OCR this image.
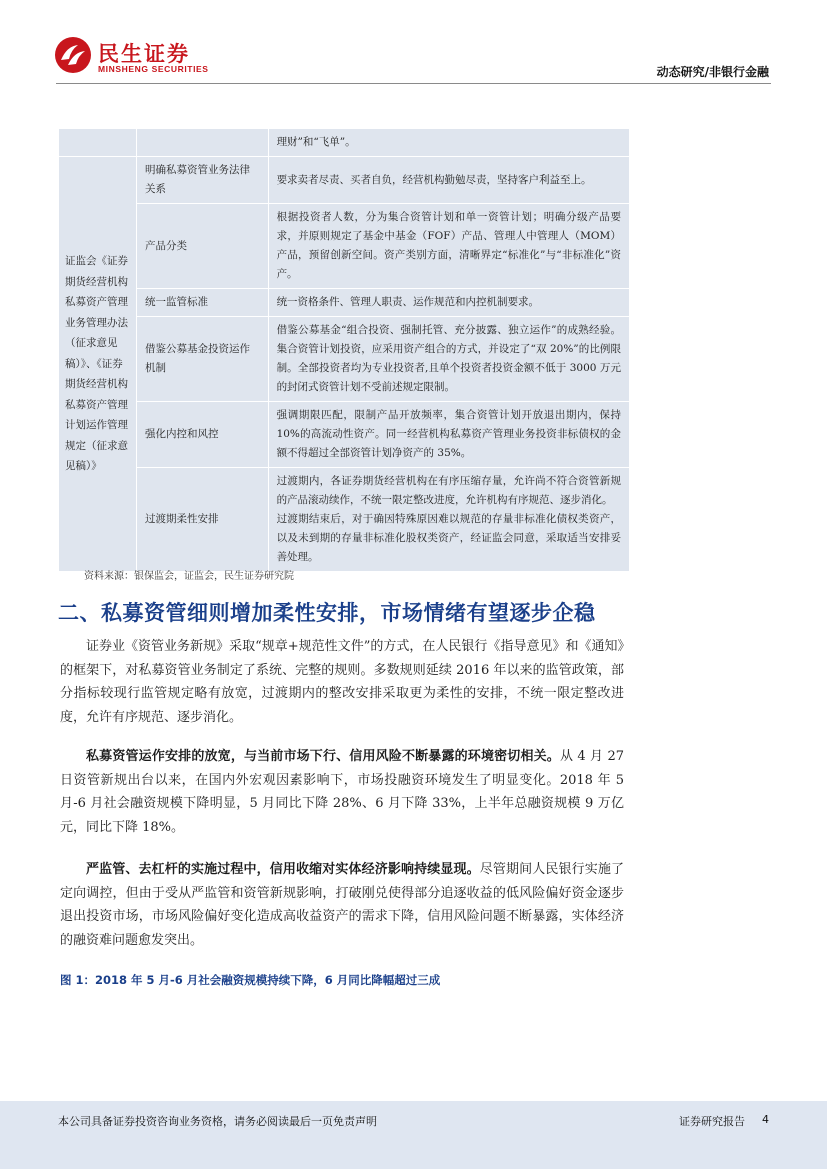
民生证券
MINSHENG SECURITIES	动态研究/非银行金融
		理财”和“飞单”。
证监会《证券期货经营机构私募资产管理业务管理办法（征求意见稿）》、《证券期货经营机构私募资产管理计划运作管理规定（征求意见稿）》	明确私募资管业务法律关系	要求卖者尽责、买者自负，经营机构勤勉尽责，坚持客户利益至上。
	产品分类	根据投资者人数，分为集合资管计划和单一资管计划；明确分级产品要求，并原则规定了基金中基金（FOF）产品、管理人中管理人（MOM）产品，预留创新空间。资产类别方面，清晰界定“标准化”与“非标准化”资产。
	统一监管标准	统一资格条件、管理人职责、运作规范和内控机制要求。
	借鉴公募基金投资运作机制	借鉴公募基金“组合投资、强制托管、充分披露、独立运作”的成熟经验。集合资管计划投资，应采用资产组合的方式，并设定了“双 20%”的比例限制。全部投资者均为专业投资者,且单个投资者投资金额不低于 3000 万元的封闭式资管计划不受前述规定限制。
	强化内控和风控	强调期限匹配，限制产品开放频率，集合资管计划开放退出期内，保持 10%的高流动性资产。同一经营机构私募资产管理业务投资非标债权的金额不得超过全部资管计划净资产的 35%。
	过渡期柔性安排	过渡期内，各证券期货经营机构在有序压缩存量，允许尚不符合资管新规的产品滚动续作，不统一限定整改进度，允许机构有序规范、逐步消化。
过渡期结束后，对于确因特殊原因难以规范的存量非标准化债权类资产，以及未到期的存量非标准化股权类资产，经证监会同意，采取适当安排妥善处理。
资料来源：银保监会，证监会，民生证券研究院
二、私募资管细则增加柔性安排，市场情绪有望逐步企稳

证券业《资管业务新规》采取“规章+规范性文件”的方式，在人民银行《指导意见》和《通知》的框架下，对私募资管业务制定了系统、完整的规则。多数规则延续 2016 年以来的监管政策，部分指标较现行监管规定略有放宽，过渡期内的整改安排采取更为柔性的安排，不统一限定整改进度，允许有序规范、逐步消化。

私募资管运作安排的放宽，与当前市场下行、信用风险不断暴露的环境密切相关。从 4 月 27 日资管新规出台以来，在国内外宏观因素影响下，市场投融资环境发生了明显变化。2018 年 5 月-6 月社会融资规模下降明显，5 月同比下降 28%、6 月下降 33%，上半年总融资规模 9 万亿元，同比下降 18%。

严监管、去杠杆的实施过程中，信用收缩对实体经济影响持续显现。尽管期间人民银行实施了定向调控，但由于受从严监管和资管新规影响，打破刚兑使得部分追逐收益的低风险偏好资金逐步退出投资市场，市场风险偏好变化造成高收益资产的需求下降，信用风险问题不断暴露，实体经济的融资难问题愈发突出。

图 1：2018 年 5 月-6 月社会融资规模持续下降，6 月同比降幅超过三成
本公司具备证券投资咨询业务资格，请务必阅读最后一页免责声明	证券研究报告 4
